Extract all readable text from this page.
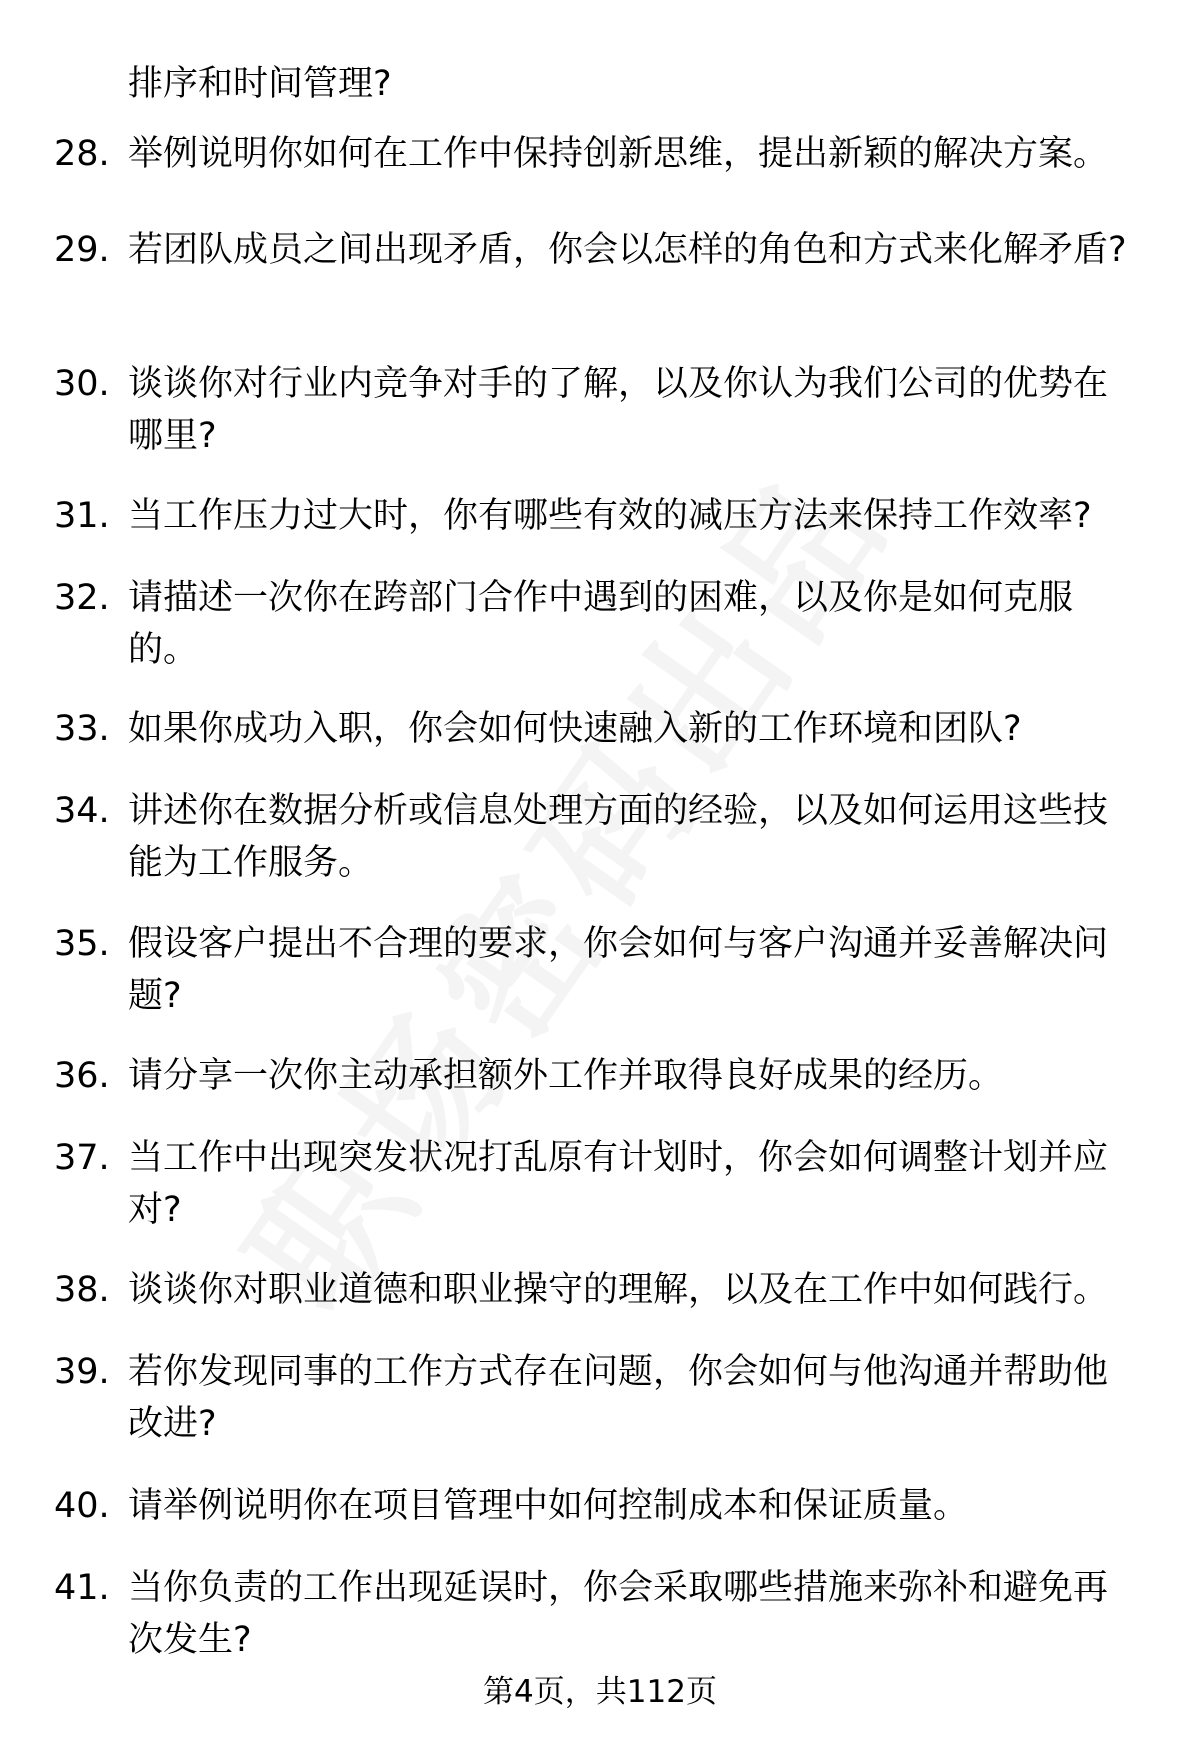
排序和时间管理?
28. 举例说明你如何在工作中保持创新思维，提出新颖的解决方案。
29. 若团队成员之间出现矛盾，你会以怎样的角色和方式来化解矛盾?
30. 谈谈你对行业内竞争对手的了解，以及你认为我们公司的优势在哪里?
31. 当工作压力过大时，你有哪些有效的减压方法来保持工作效率?
32. 请描述一次你在跨部门合作中遇到的困难，以及你是如何克服的。
33. 如果你成功入职，你会如何快速融入新的工作环境和团队?
34. 讲述你在数据分析或信息处理方面的经验，以及如何运用这些技能为工作服务。
35. 假设客户提出不合理的要求，你会如何与客户沟通并妥善解决问题?
36. 请分享一次你主动承担额外工作并取得良好成果的经历。
37. 当工作中出现突发状况打乱原有计划时，你会如何调整计划并应对?
38. 谈谈你对职业道德和职业操守的理解，以及在工作中如何践行。
39. 若你发现同事的工作方式存在问题，你会如何与他沟通并帮助他改进?
40. 请举例说明你在项目管理中如何控制成本和保证质量。
41. 当你负责的工作出现延误时，你会采取哪些措施来弥补和避免再次发生?
第4页，共112页
